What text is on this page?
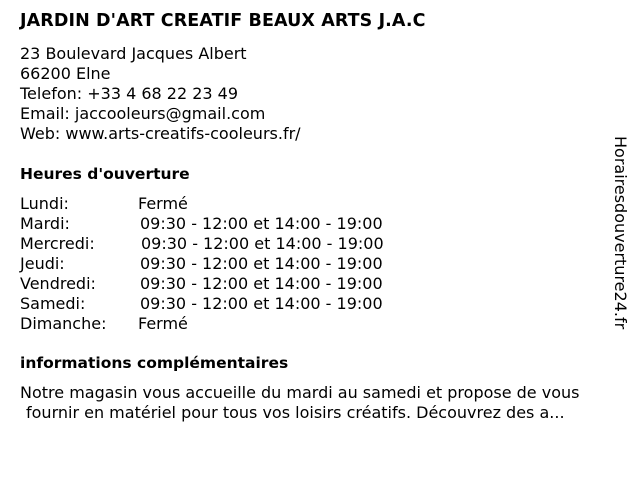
JARDIN D'ART CREATIF BEAUX ARTS J.A.C
23 Boulevard Jacques Albert
66200 Elne
Telefon: +33 4 68 22 23 49
Email: jaccooleurs@gmail.com
Web: www.arts-creatifs-cooleurs.fr/
Heures d'ouverture
Lundi:	Fermé
Mardi:	09:30 - 12:00 et 14:00 - 19:00
Mercredi:	09:30 - 12:00 et 14:00 - 19:00
Jeudi:	09:30 - 12:00 et 14:00 - 19:00
Vendredi:	09:30 - 12:00 et 14:00 - 19:00
Samedi:	09:30 - 12:00 et 14:00 - 19:00
Dimanche: Fermé
informations complémentaires
Notre magasin vous accueille du mardi au samedi et propose de vous
fournir en matériel pour tous vos loisirs créatifs. Découvrez des a...
Horairesdouverture24.fr
